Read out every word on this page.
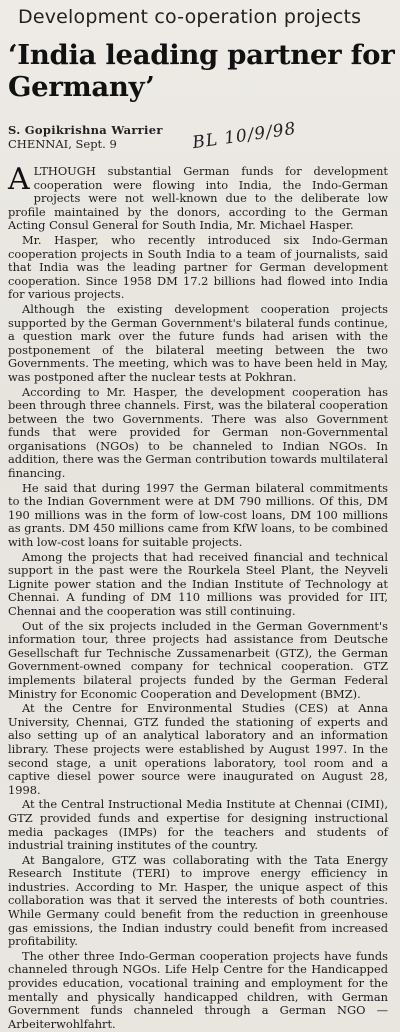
Development co-operation projects
‘India leading partner for Germany’
S. Gopikrishna Warrier
CHENNAI, Sept. 9	BL 10/9/98

ALTHOUGH substantial German funds for development cooperation were flowing into India, the Indo-German projects were not well-known due to the deliberate low profile maintained by the donors, according to the German Acting Consul General for South India, Mr. Michael Hasper.

Mr. Hasper, who recently introduced six Indo-German cooperation projects in South India to a team of journalists, said that India was the leading partner for German development cooperation. Since 1958 DM 17.2 billions had flowed into India for various projects.

Although the existing development cooperation projects supported by the German Government's bilateral funds continue, a question mark over the future funds had arisen with the postponement of the bilateral meeting between the two Governments. The meeting, which was to have been held in May, was postponed after the nuclear tests at Pokhran.

According to Mr. Hasper, the development cooperation has been through three channels. First, was the bilateral cooperation between the two Governments. There was also Government funds that were provided for German non-Governmental organisations (NGOs) to be channeled to Indian NGOs. In addition, there was the German contribution towards multilateral financing.

He said that during 1997 the German bilateral commitments to the Indian Government were at DM 790 millions. Of this, DM 190 millions was in the form of low-cost loans, DM 100 millions as grants. DM 450 millions came from KfW loans, to be combined with low-cost loans for suitable projects.

Among the projects that had received financial and technical support in the past were the Rourkela Steel Plant, the Neyveli Lignite power station and the Indian Institute of Technology at Chennai. A funding of DM 110 millions was provided for IIT, Chennai and the cooperation was still continuing.

Out of the six projects included in the German Government's information tour, three projects had assistance from Deutsche Gesellschaft fur Technische Zussamenarbeit (GTZ), the German Government-owned company for technical cooperation. GTZ implements bilateral projects funded by the German Federal Ministry for Economic Cooperation and Development (BMZ).

At the Centre for Environmental Studies (CES) at Anna University, Chennai, GTZ funded the stationing of experts and also setting up of an analytical laboratory and an information library. These projects were established by August 1997. In the second stage, a unit operations laboratory, tool room and a captive diesel power source were inaugurated on August 28, 1998.

At the Central Instructional Media Institute at Chennai (CIMI), GTZ provided funds and expertise for designing instructional media packages (IMPs) for the teachers and students of industrial training institutes of the country.

At Bangalore, GTZ was collaborating with the Tata Energy Research Institute (TERI) to improve energy efficiency in industries. According to Mr. Hasper, the unique aspect of this collaboration was that it served the interests of both countries. While Germany could benefit from the reduction in greenhouse gas emissions, the Indian industry could benefit from increased profitability.

The other three Indo-German cooperation projects have funds channeled through NGOs. Life Help Centre for the Handicapped provides education, vocational training and employment for the mentally and physically handicapped children, with German Government funds channeled through a German NGO — Arbeiterwohlfahrt.
